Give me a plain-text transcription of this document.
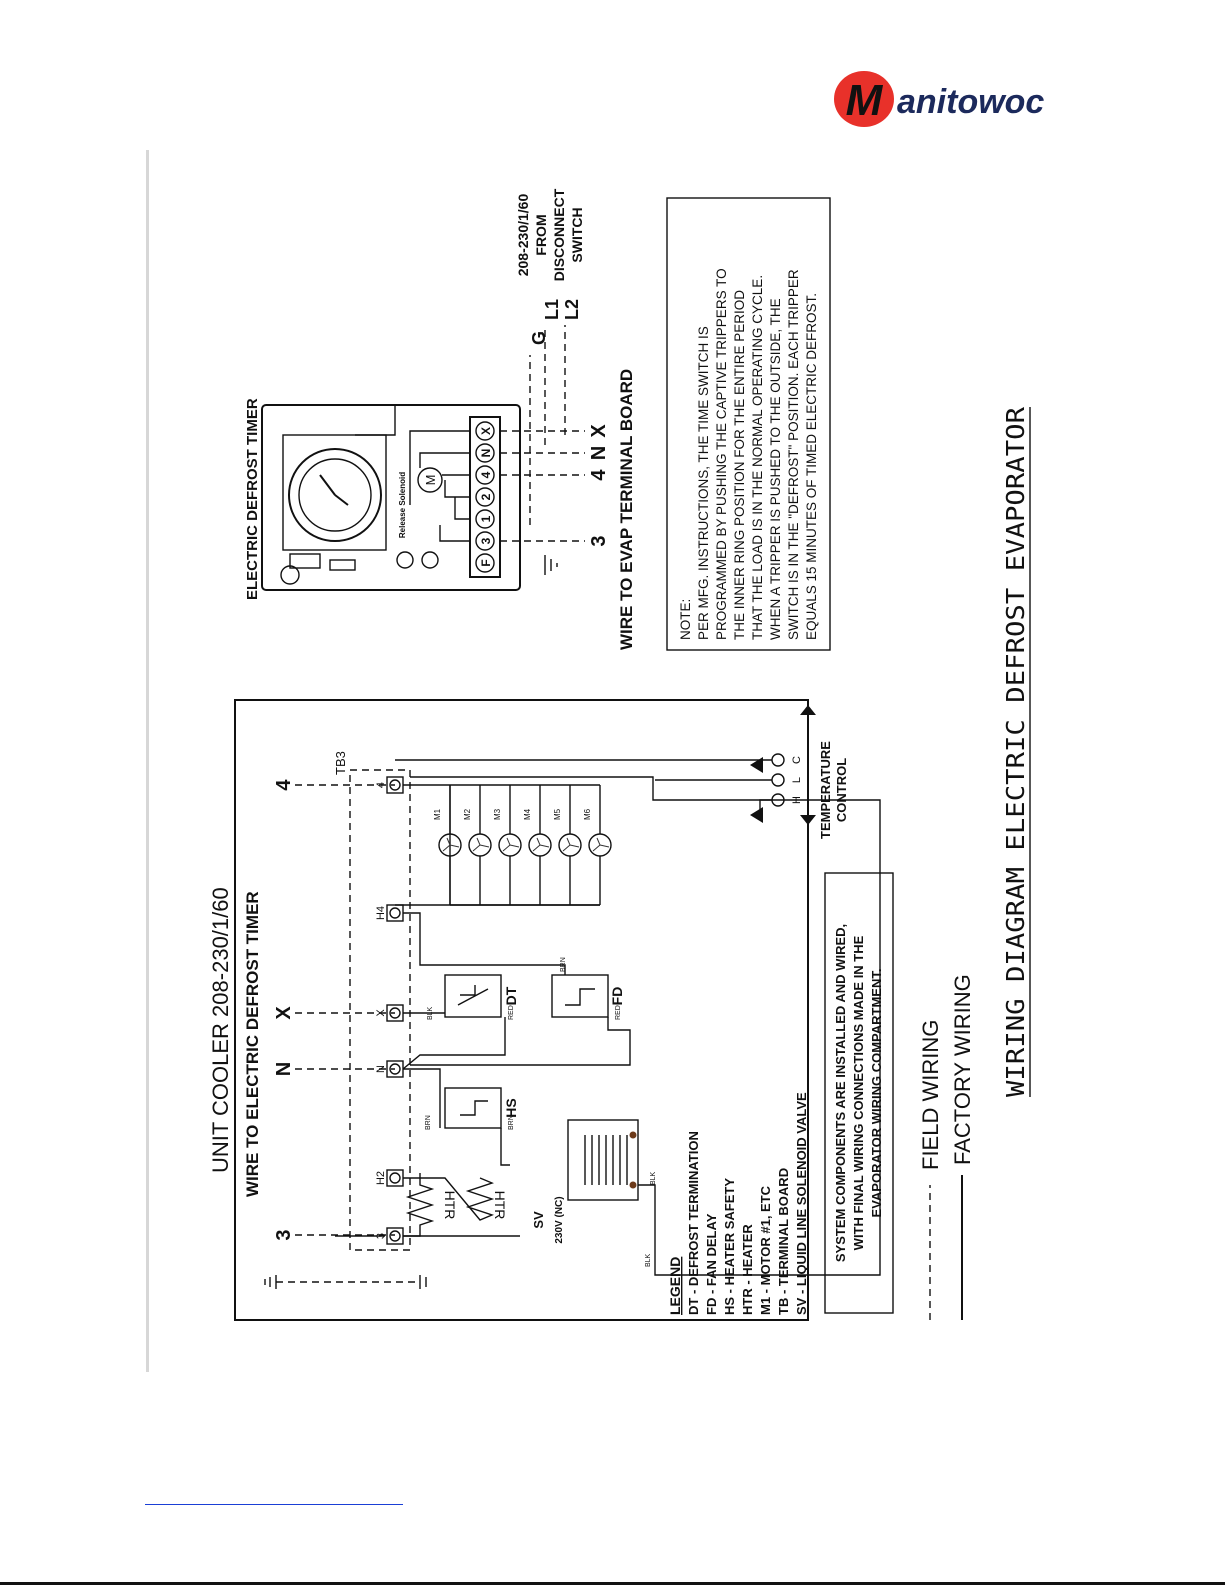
M anitowoc
UNIT COOLER 208-230/1/60 WIRE TO ELECTRIC DEFROST TIMER
3
N
X
4
TB3
3
H2
N
X
H4
4
HTR HTR
HS
BRN	BRN
SV 230V (NC)
BLK
BLK
DT
BLK	RED
FD
BRN
RED
M1	M2	M3	M4	M5	M6
H
L
C TEMPERATURE CONTROL
LEGEND DT - DEFROST TERMINATION FD - FAN DELAY HS - HEATER SAFETY HTR - HEATER M1 - MOTOR #1, ETC TB - TERMINAL BOARD SV - LIQUID LINE SOLENOID VALVE SYSTEM COMPONENTS ARE INSTALLED AND WIRED, WITH FINAL WIRING CONNECTIONS MADE IN THE EVAPORATOR WIRING COMPARTMENT. FIELD WIRING FACTORY WIRING WIRING DIAGRAM ELECTRIC DEFROST EVAPORATOR
ELECTRIC DEFROST TIMER	Release Solenoid M
F
3
1
2
4
N
X
3
4
N
X WIRE TO EVAP TERMINAL BOARD
G
L1 L2
208-230/1/60 FROM DISCONNECT SWITCH
NOTE: PER MFG. INSTRUCTIONS, THE TIME SWITCH IS PROGRAMMED BY PUSHING THE CAPTIVE TRIPPERS TO THE INNER RING POSITION FOR THE ENTIRE PERIOD THAT THE LOAD IS IN THE NORMAL OPERATING CYCLE. WHEN A TRIPPER IS PUSHED TO THE OUTSIDE, THE SWITCH IS IN THE "DEFROST" POSITION. EACH TRIPPER EQUALS 15 MINUTES OF TIMED ELECTRIC DEFROST.
